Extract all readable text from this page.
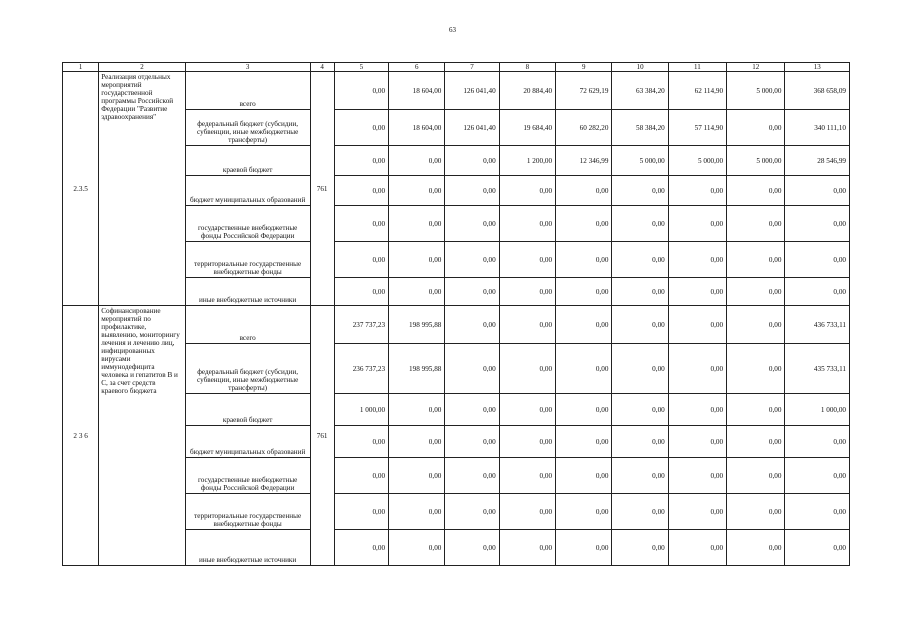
63
1	2	3	4	5	6	7	8	9	10	11	12	13
2.3.5	Реализация отдельных мероприятий государственной программы Российской Федерации "Развитие здравоохранения"	всего	761	0,00	18 604,00	126 041,40	20 884,40	72 629,19	63 384,20	62 114,90	5 000,00	368 658,09
		федеральный бюджет (субсидии, субвенции, иные межбюджетные трансферты)		0,00	18 604,00	126 041,40	19 684,40	60 282,20	58 384,20	57 114,90	0,00	340 111,10
		краевой бюджет		0,00	0,00	0,00	1 200,00	12 346,99	5 000,00	5 000,00	5 000,00	28 546,99
		бюджет муниципальных образований		0,00	0,00	0,00	0,00	0,00	0,00	0,00	0,00	0,00
		государственные внебюджетные фонды Российской Федерации		0,00	0,00	0,00	0,00	0,00	0,00	0,00	0,00	0,00
		территориальные государственные внебюджетные фонды		0,00	0,00	0,00	0,00	0,00	0,00	0,00	0,00	0,00
		иные внебюджетные источники		0,00	0,00	0,00	0,00	0,00	0,00	0,00	0,00	0,00
2 3 6	Софинансирование мероприятий по профилактике, выявлению, мониторингу лечения и лечению лиц, инфицированных вирусами иммунодефицита человека и гепатитов В и С, за счет средств краевого бюджета	всего	761	237 737,23	198 995,88	0,00	0,00	0,00	0,00	0,00	0,00	436 733,11
		федеральный бюджет (субсидии, субвенции, иные межбюджетные трансферты)		236 737,23	198 995,88	0,00	0,00	0,00	0,00	0,00	0,00	435 733,11
		краевой бюджет		1 000,00	0,00	0,00	0,00	0,00	0,00	0,00	0,00	1 000,00
		бюджет муниципальных образований		0,00	0,00	0,00	0,00	0,00	0,00	0,00	0,00	0,00
		государственные внебюджетные фонды Российской Федерации		0,00	0,00	0,00	0,00	0,00	0,00	0,00	0,00	0,00
		территориальные государственные внебюджетные фонды		0,00	0,00	0,00	0,00	0,00	0,00	0,00	0,00	0,00
		иные внебюджетные источники		0,00	0,00	0,00	0,00	0,00	0,00	0,00	0,00	0,00
